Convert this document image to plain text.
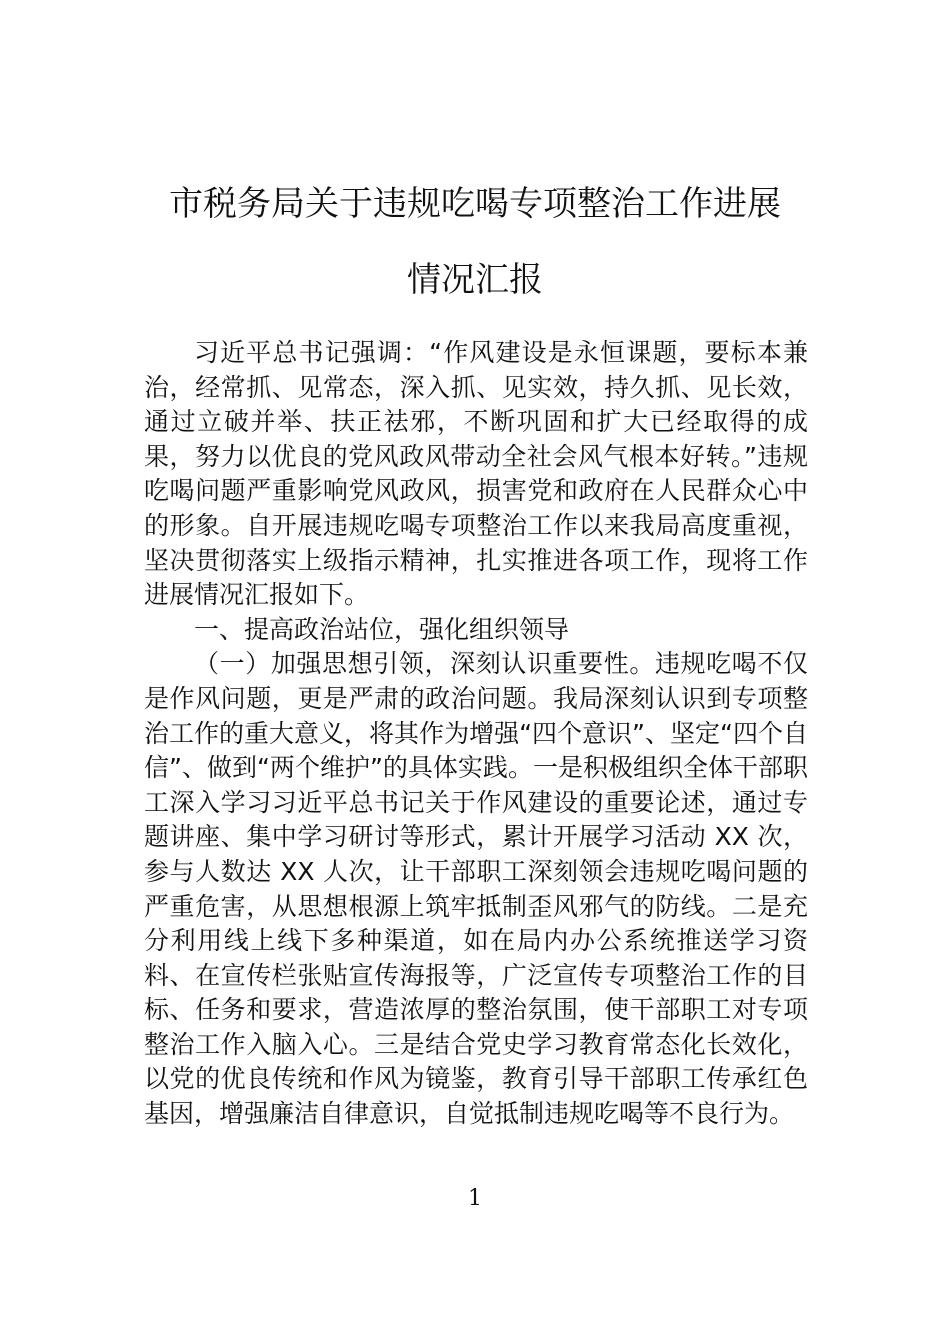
市税务局关于违规吃喝专项整治工作进展
情况汇报

习近平总书记强调：“作风建设是永恒课题，要标本兼治，经常抓、见常态，深入抓、见实效，持久抓、见长效，通过立破并举、扶正祛邪，不断巩固和扩大已经取得的成果，努力以优良的党风政风带动全社会风气根本好转。”违规吃喝问题严重影响党风政风，损害党和政府在人民群众心中的形象。自开展违规吃喝专项整治工作以来我局高度重视，坚决贯彻落实上级指示精神，扎实推进各项工作，现将工作进展情况汇报如下。

一、提高政治站位，强化组织领导

（一）加强思想引领，深刻认识重要性。违规吃喝不仅是作风问题，更是严肃的政治问题。我局深刻认识到专项整治工作的重大意义，将其作为增强“四个意识”、坚定“四个自信”、做到“两个维护”的具体实践。一是积极组织全体干部职工深入学习习近平总书记关于作风建设的重要论述，通过专题讲座、集中学习研讨等形式，累计开展学习活动 XX 次，参与人数达 XX 人次，让干部职工深刻领会违规吃喝问题的严重危害，从思想根源上筑牢抵制歪风邪气的防线。二是充分利用线上线下多种渠道，如在局内办公系统推送学习资料、在宣传栏张贴宣传海报等，广泛宣传专项整治工作的目标、任务和要求，营造浓厚的整治氛围，使干部职工对专项整治工作入脑入心。三是结合党史学习教育常态化长效化，以党的优良传统和作风为镜鉴，教育引导干部职工传承红色基因，增强廉洁自律意识，自觉抵制违规吃喝等不良行为。

1
